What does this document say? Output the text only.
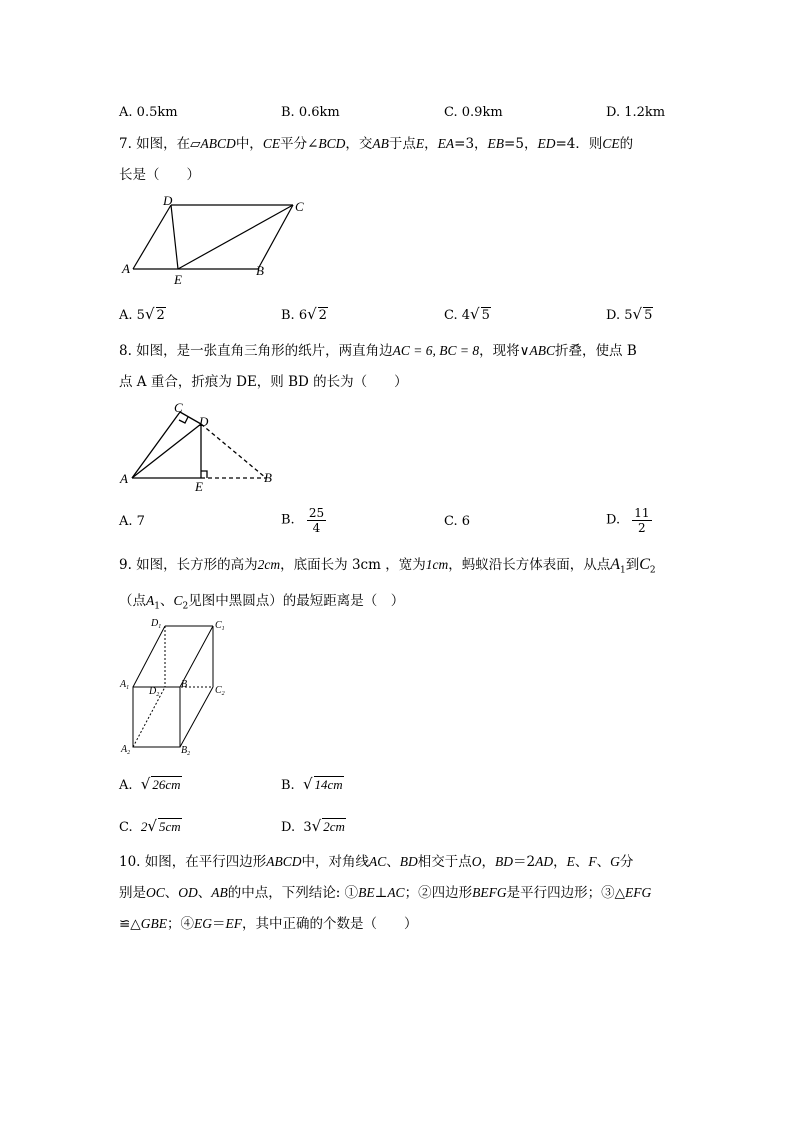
A. 0.5km	B. 0.6km	C. 0.9km	D. 1.2km
7. 如图，在▱ABCD中，CE平分∠BCD，交AB于点E，EA=3，EB=5，ED=4．则CE的
长是（　　）
A	B
C
D
E
A. 5√ 2	B. 6√ 2	C. 4√ 5	D. 5√ 5
8. 如图，是一张直角三角形的纸片，两直角边AC = 6, BC = 8，现将∨ABC折叠，使点 B
点 A 重合，折痕为 DE，则 BD 的长为（　　）
A	B
C
D
E
A. 7	B. $\frac{25}{4}$	C. 6	D. $\frac{11}{2}$
9. 如图，长方形的高为2cm，底面长为 3cm ，宽为1cm，蚂蚁沿长方体表面，从点$A_1$到$C_2$
（点$A_1$、$C_2$见图中黑圆点）的最短距离是（　）
$D_1$	$C_1$
$A_1$ $D_2$
B
$C_2$
$A_2$	$B_2$
A. √ 26cm	B. √ 14cm
C. 2√ 5cm	D. 3√ 2cm
10. 如图，在平行四边形ABCD中，对角线AC、BD相交于点O，BD＝2AD，E、F、G分
别是OC、OD、AB的中点，下列结论: ①BE⊥AC；②四边形BEFG是平行四边形；③△EFG
≌△GBE；④EG＝EF，其中正确的个数是（　　）
